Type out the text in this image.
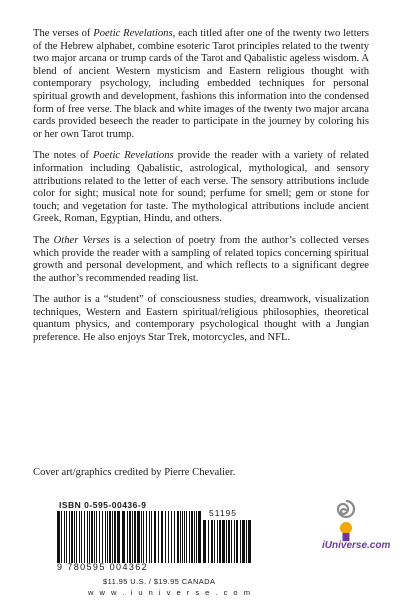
The verses of Poetic Revelations, each titled after one of the twenty two letters of the Hebrew alphabet, combine esoteric Tarot principles related to the twenty two major arcana or trump cards of the Tarot and Qabalistic ageless wisdom. A blend of ancient Western mysticism and Eastern religious thought with contemporary psychology, including embedded techniques for personal spiritual growth and development, fashions this information into the condensed form of free verse. The black and white images of the twenty two major arcana cards provided beseech the reader to participate in the journey by coloring his or her own Tarot trump.

The notes of Poetic Revelations provide the reader with a variety of related information including Qabalistic, astrological, mythological, and sensory attributions related to the letter of each verse. The sensory attributions include color for sight; musical note for sound; perfume for smell; gem or stone for touch; and vegetation for taste. The mythological attributions include ancient Greek, Roman, Egyptian, Hindu, and others.

The Other Verses is a selection of poetry from the author’s collected verses which provide the reader with a sampling of related topics concerning spiritual growth and personal development, and which reflects to a significant degree the author’s recommended reading list.

The author is a “student” of consciousness studies, dreamwork, visualization techniques, Western and Eastern spiritual/religious philosophies, theoretical quantum physics, and contemporary psychological thought with a Jungian preference. He also enjoys Star Trek, motorcycles, and NFL.

Cover art/graphics credited by Pierre Chevalier.
ISBN 0-595-00436-9
51195
9 780595 004362
$11.95 U.S. / $19.95 CANADA
w w w . i u n i v e r s e . c o m
iUniverse.com
